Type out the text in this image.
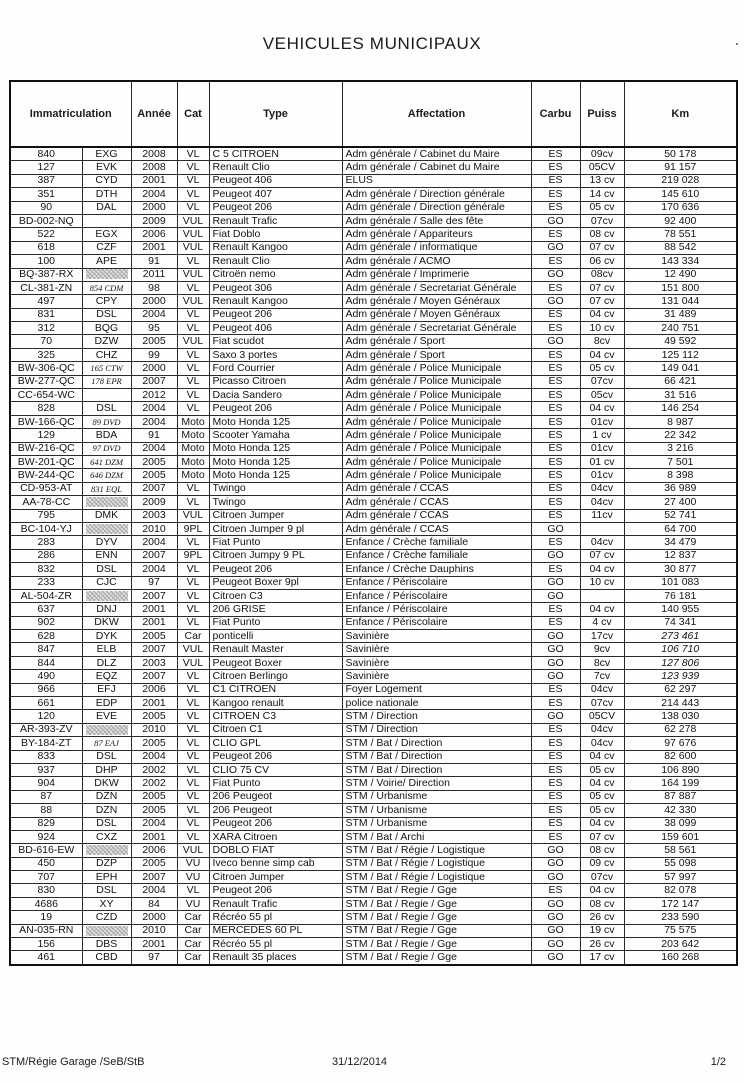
VEHICULES MUNICIPAUX
Immatriculation		Année	Cat	Type	Affectation	Carbu	Puiss	Km
840	EXG	2008	VL	C 5 CITROEN	Adm générale / Cabinet du Maire	ES	09cv	50 178
127	EVK	2008	VL	Renault Clio	Adm générale / Cabinet du Maire	ES	05CV	91 157
387	CYD	2001	VL	Peugeot 406	ELUS	ES	13 cv	219 028
351	DTH	2004	VL	Peugeot 407	Adm générale / Direction générale	ES	14 cv	145 610
90	DAL	2000	VL	Peugeot 206	Adm générale / Direction générale	ES	05 cv	170 636
BD-002-NQ		2009	VUL	Renault Trafic	Adm générale / Salle des fête	GO	07cv	92 400
522	EGX	2006	VUL	Fiat Doblo	Adm générale / Appariteurs	ES	08 cv	78 551
618	CZF	2001	VUL	Renault Kangoo	Adm générale / informatique	GO	07 cv	88 542
100	APE	91	VL	Renault Clio	Adm générale / ACMO	ES	06 cv	143 334
BQ-387-RX		2011	VUL	Citroën nemo	Adm générale / Imprimerie	GO	08cv	12 490
CL-381-ZN	854 CDM	98	VL	Peugeot 306	Adm générale / Secretariat Générale	ES	07 cv	151 800
497	CPY	2000	VUL	Renault Kangoo	Adm générale / Moyen Généraux	GO	07 cv	131 044
831	DSL	2004	VL	Peugeot 206	Adm générale / Moyen Généraux	ES	04 cv	31 489
312	BQG	95	VL	Peugeot 406	Adm générale / Secretariat Générale	ES	10 cv	240 751
70	DZW	2005	VUL	Fiat scudot	Adm générale / Sport	GO	8cv	49 592
325	CHZ	99	VL	Saxo 3 portes	Adm générale / Sport	ES	04 cv	125 112
BW-306-QC	165 CTW	2000	VL	Ford Courrier	Adm générale / Police Municipale	ES	05 cv	149 041
BW-277-QC	178 EPR	2007	VL	Picasso Citroen	Adm générale / Police Municipale	ES	07cv	66 421
CC-654-WC		2012	VL	Dacia Sandero	Adm générale / Police Municipale	ES	05cv	31 516
828	DSL	2004	VL	Peugeot 206	Adm générale / Police Municipale	ES	04 cv	146 254
BW-166-QC	89 DVD	2004	Moto	Moto Honda 125	Adm générale / Police Municipale	ES	01cv	8 987
129	BDA	91	Moto	Scooter Yamaha	Adm générale / Police Municipale	ES	1 cv	22 342
BW-216-QC	97 DVD	2004	Moto	Moto Honda 125	Adm générale / Police Municipale	ES	01cv	3 216
BW-201-QC	641 DZM	2005	Moto	Moto Honda 125	Adm générale / Police Municipale	ES	01 cv	7 501
BW-244-QC	646 DZM	2005	Moto	Moto Honda 125	Adm générale / Police Municipale	ES	01cv	8 398
CD-953-AT	831 EQL	2007	VL	Twingo	Adm générale / CCAS	ES	04cv	36 989
AA-78-CC		2009	VL	Twingo	Adm générale / CCAS	ES	04cv	27 400
795	DMK	2003	VUL	Citroen Jumper	Adm générale / CCAS	ES	11cv	52 741
BC-104-YJ		2010	9PL	Citroen Jumper 9 pl	Adm générale / CCAS	GO		64 700
283	DYV	2004	VL	Fiat Punto	Enfance / Crèche familiale	ES	04cv	34 479
286	ENN	2007	9PL	Citroen Jumpy 9 PL	Enfance / Crèche familiale	GO	07 cv	12 837
832	DSL	2004	VL	Peugeot 206	Enfance / Crèche Dauphins	ES	04 cv	30 877
233	CJC	97	VL	Peugeot Boxer 9pl	Enfance / Périscolaire	GO	10 cv	101 083
AL-504-ZR		2007	VL	Citroen C3	Enfance / Périscolaire	GO		76 181
637	DNJ	2001	VL	206 GRISE	Enfance / Périscolaire	ES	04 cv	140 955
902	DKW	2001	VL	Fiat Punto	Enfance / Périscolaire	ES	4 cv	74 341
628	DYK	2005	Car	ponticelli	Savinière	GO	17cv	273 461
847	ELB	2007	VUL	Renault Master	Savinière	GO	9cv	106 710
844	DLZ	2003	VUL	Peugeot Boxer	Savinière	GO	8cv	127 806
490	EQZ	2007	VL	Citroen Berlingo	Savinière	GO	7cv	123 939
966	EFJ	2006	VL	C1 CITROEN	Foyer Logement	ES	04cv	62 297
661	EDP	2001	VL	Kangoo renault	police nationale	ES	07cv	214 443
120	EVE	2005	VL	CITROEN C3	STM / Direction	GO	05CV	138 030
AR-393-ZV		2010	VL	Citroen C1	STM / Direction	ES	04cv	62 278
BY-184-ZT	87 EAJ	2005	VL	CLIO GPL	STM / Bat / Direction	ES	04cv	97 676
833	DSL	2004	VL	Peugeot 206	STM / Bat / Direction	ES	04 cv	82 600
937	DHP	2002	VL	CLIO 75 CV	STM / Bat / Direction	ES	05 cv	106 890
904	DKW	2002	VL	Fiat Punto	STM / Voirie/ Direction	ES	04 cv	164 199
87	DZN	2005	VL	206 Peugeot	STM / Urbanisme	ES	05 cv	87 887
88	DZN	2005	VL	206 Peugeot	STM / Urbanisme	ES	05 cv	42 330
829	DSL	2004	VL	Peugeot 206	STM / Urbanisme	ES	04 cv	38 099
924	CXZ	2001	VL	XARA Citroen	STM / Bat / Archi	ES	07 cv	159 601
BD-616-EW		2006	VUL	DOBLO FIAT	STM / Bat / Régie / Logistique	GO	08 cv	58 561
450	DZP	2005	VU	Iveco benne simp cab	STM / Bat / Régie / Logistique	GO	09 cv	55 098
707	EPH	2007	VU	Citroen Jumper	STM / Bat / Régie / Logistique	GO	07cv	57 997
830	DSL	2004	VL	Peugeot 206	STM / Bat / Regie / Gge	ES	04 cv	82 078
4686	XY	84	VU	Renault Trafic	STM / Bat / Regie / Gge	GO	08 cv	172 147
19	CZD	2000	Car	Récréo 55 pl	STM / Bat / Regie / Gge	GO	26 cv	233 590
AN-035-RN		2010	Car	MERCEDES 60 PL	STM / Bat / Regie / Gge	GO	19 cv	75 575
156	DBS	2001	Car	Récréo 55 pl	STM / Bat / Regie / Gge	GO	26 cv	203 642
461	CBD	97	Car	Renault 35 places	STM / Bat / Regie / Gge	GO	17 cv	160 268
STM/Régie Garage /SeB/StB	31/12/2014	1/2
